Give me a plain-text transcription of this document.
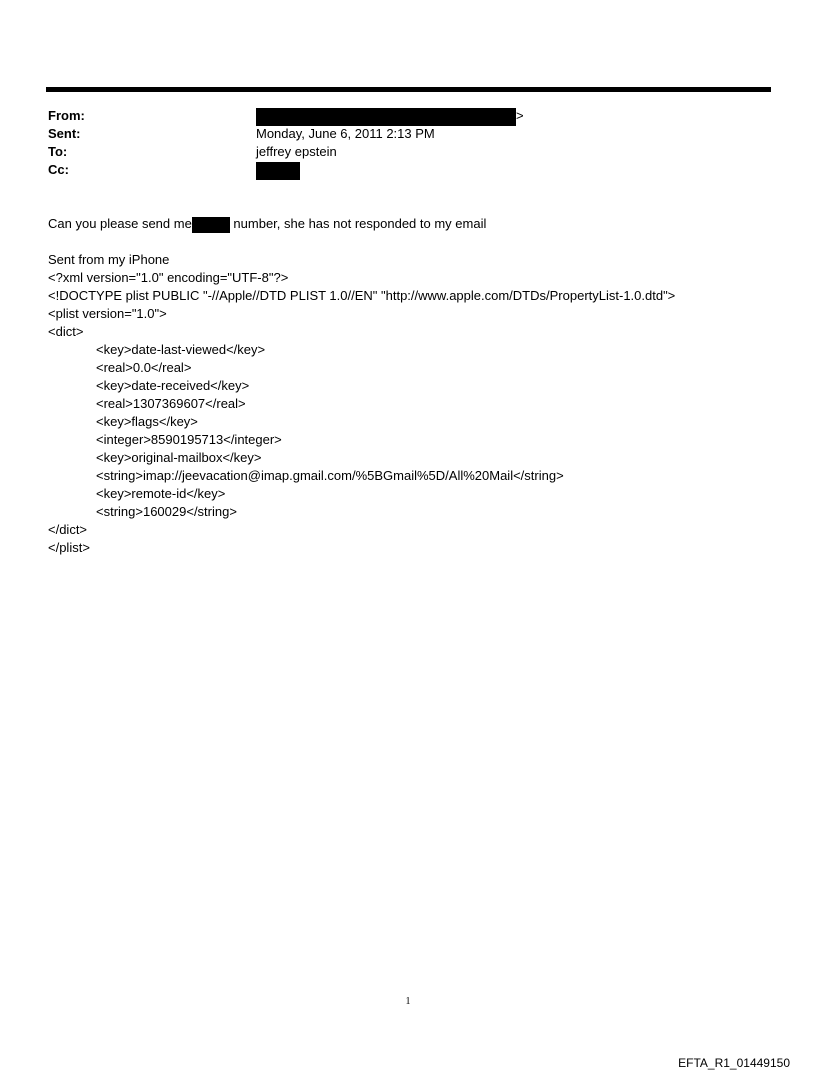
From:	>
Sent:	Monday, June 6, 2011 2:13 PM
To:	jeffrey epstein
Cc:
Can you please send me	number, she has not responded to my email
Sent from my iPhone
<?xml version="1.0" encoding="UTF-8"?>
<!DOCTYPE plist PUBLIC "-//Apple//DTD PLIST 1.0//EN" "http://www.apple.com/DTDs/PropertyList-1.0.dtd">
<plist version="1.0">
<dict>
<key>date-last-viewed</key>
<real>0.0</real>
<key>date-received</key>
<real>1307369607</real>
<key>flags</key>
<integer>8590195713</integer>
<key>original-mailbox</key>
<string>imap://jeevacation@imap.gmail.com/%5BGmail%5D/All%20Mail</string>
<key>remote-id</key>
<string>160029</string>
</dict>
</plist>
1
EFTA_R1_01449150
